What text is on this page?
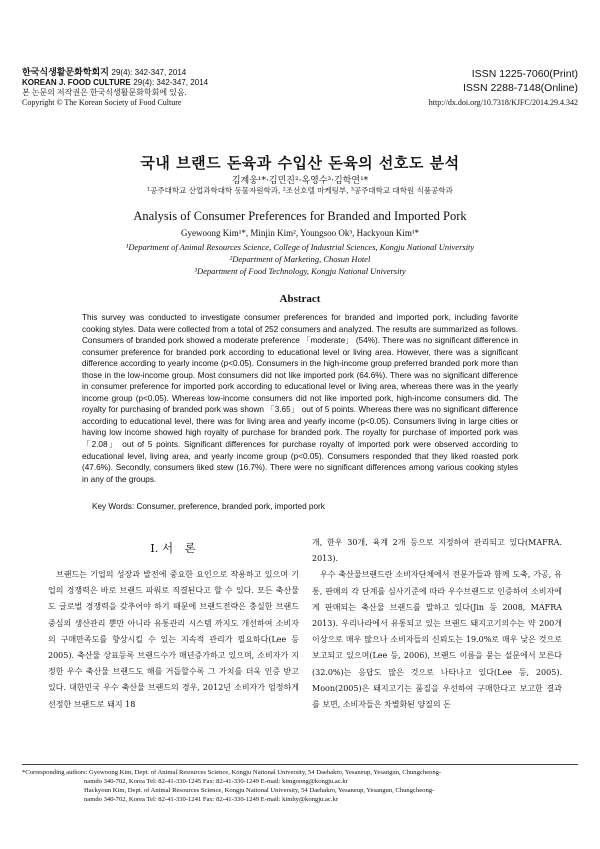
한국식생활문화학회지 29(4): 342-347, 2014
KOREAN J. FOOD CULTURE 29(4): 342-347, 2014
본 논문의 저작권은 한국식생활문화학회에 있음.
Copyright © The Korean Society of Food Culture
ISSN 1225-7060(Print)
ISSN 2288-7148(Online)
http://dx.doi.org/10.7318/KJFC/2014.29.4.342
국내 브랜드 돈육과 수입산 돈육의 선호도 분석
김계웅¹*·김민진²·옥영수³·김학연¹*
¹공주대학교 산업과학대학 동물자원학과, ²조선호텔 마케팅부, ³공주대학교 대학원 식품공학과
Analysis of Consumer Preferences for Branded and Imported Pork
Gyewoong Kim¹*, Minjin Kim², Youngsoo Ok³, Hackyoun Kim¹*
¹Department of Animal Resources Science, College of Industrial Sciences, Kongju National University
²Department of Marketing, Chosun Hotel
³Department of Food Technology, Kongju National University
Abstract

This survey was conducted to investigate consumer preferences for branded and imported pork, including favorite cooking styles. Data were collected from a total of 252 consumers and analyzed. The results are summarized as follows. Consumers of branded pork showed a moderate preference 「moderate」 (54%). There was no significant difference in consumer preference for branded pork according to educational level or living area. However, there was a significant difference according to yearly income (p<0.05). Consumers in the high-income group preferred branded pork more than those in the low-income group. Most consumers did not like imported pork (64.6%). There was no significant difference in consumer preference for imported pork according to educational level or living area, whereas there was in the yearly income group (p<0.05). Whereas low-income consumers did not like imported pork, high-income consumers did. The royalty for purchasing of branded pork was shown 「3.65」 out of 5 points. Whereas there was no significant difference according to educational level, there was for living area and yearly income (p<0.05). Consumers living in large cities or having low income showed high royalty of purchase for branded pork. The royalty for purchase of imported pork was 「2.08」 out of 5 points. Significant differences for purchase royalty of imported pork were observed according to educational level, living area, and yearly income group (p<0.05). Consumers responded that they liked roasted pork (47.6%). Secondly, consumers liked stew (16.7%). There were no significant differences among various cooking styles in any of the groups.

Key Words: Consumer, preference, branded pork, imported pork
I. 서　론

브랜드는 기업의 성장과 발전에 중요한 요인으로 작용하고 있으며 기업의 경쟁력은 바로 브랜드 파워로 직결된다고 할 수 있다. 모든 축산물도 글로벌 경쟁력을 갖추어야 하기 때문에 브랜드전략은 충실한 브랜드 중심의 생산관리 뿐만 아니라 유통관리 시스템 까지도 개선하여 소비자의 구매만족도를 향상시킬 수 있는 지속적 관리가 필요하다(Lee 등 2005). 축산물 상표등록 브랜드수가 매년증가하고 있으며, 소비자가 지정한 우수 축산물 브랜드도 해를 거듭할수록 그 가치를 더욱 인증 받고 있다. 대한민국 우수 축산물 브랜드의 경우, 2012년 소비자가 엄정하게 선정한 브랜드로 돼지 18

개, 한우 30개, 육계 2개 등으로 지정하여 관리되고 있다(MAFRA. 2013).

우수 축산물브랜드란 소비자단체에서 전문가들과 함께 도축, 가공, 유통, 판매의 각 단계를 심사기준에 따라 우수브랜드로 인증하여 소비자에게 판매되는 축산물 브랜드를 말하고 있다(Jin 등 2008, MAFRA 2013). 우리나라에서 유통되고 있는 브랜드 돼지고기의수는 약 200개 이상으로 매우 많으나 소비자들의 신뢰도는 19.0%로 매우 낮은 것으로 보고되고 있으며(Lee 등, 2006), 브랜드 이름을 묻는 설문에서 모른다(32.0%)는 응답도 많은 것으로 나타나고 있다(Lee 등, 2005). Moon(2005)은 돼지고기는 품질을 우선하여 구매한다고 보고한 결과를 보면, 소비자들은 차별화된 양질의 돈

*Corresponding authors: Gyewoong Kim, Dept. of Animal Resources Science, Kongju National University, 54 Daehakro, Yesaneup, Yesangun, Chungcheong-
namdo 340-702, Korea Tel: 82-41-330-1245 Fax: 82-41-330-1249 E-mail: kimgoong@kongju.ac.kr
Hackyoun Kim, Dept. of Animal Resources Science, Kongju National University, 54 Daehakro, Yesaneup, Yesangun, Chungcheong-
namdo 340-702, Korea Tel: 82-41-330-1241 Fax: 82-41-330-1249 E-mail: kimhy@kongju.ac.kr
